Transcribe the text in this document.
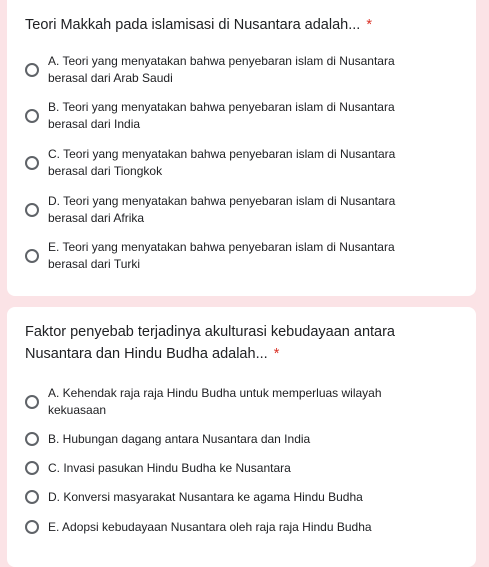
Teori Makkah pada islamisasi di Nusantara adalah... *

A. Teori yang menyatakan bahwa penyebaran islam di Nusantara berasal dari Arab Saudi
B. Teori yang menyatakan bahwa penyebaran islam di Nusantara berasal dari India
C. Teori yang menyatakan bahwa penyebaran islam di Nusantara berasal dari Tiongkok
D. Teori yang menyatakan bahwa penyebaran islam di Nusantara berasal dari Afrika
E. Teori yang menyatakan bahwa penyebaran islam di Nusantara berasal dari Turki

Faktor penyebab terjadinya akulturasi kebudayaan antara Nusantara dan Hindu Budha adalah... *

A. Kehendak raja raja Hindu Budha untuk memperluas wilayah kekuasaan
B. Hubungan dagang antara Nusantara dan India
C. Invasi pasukan Hindu Budha ke Nusantara
D. Konversi masyarakat Nusantara ke agama Hindu Budha
E. Adopsi kebudayaan Nusantara oleh raja raja Hindu Budha
